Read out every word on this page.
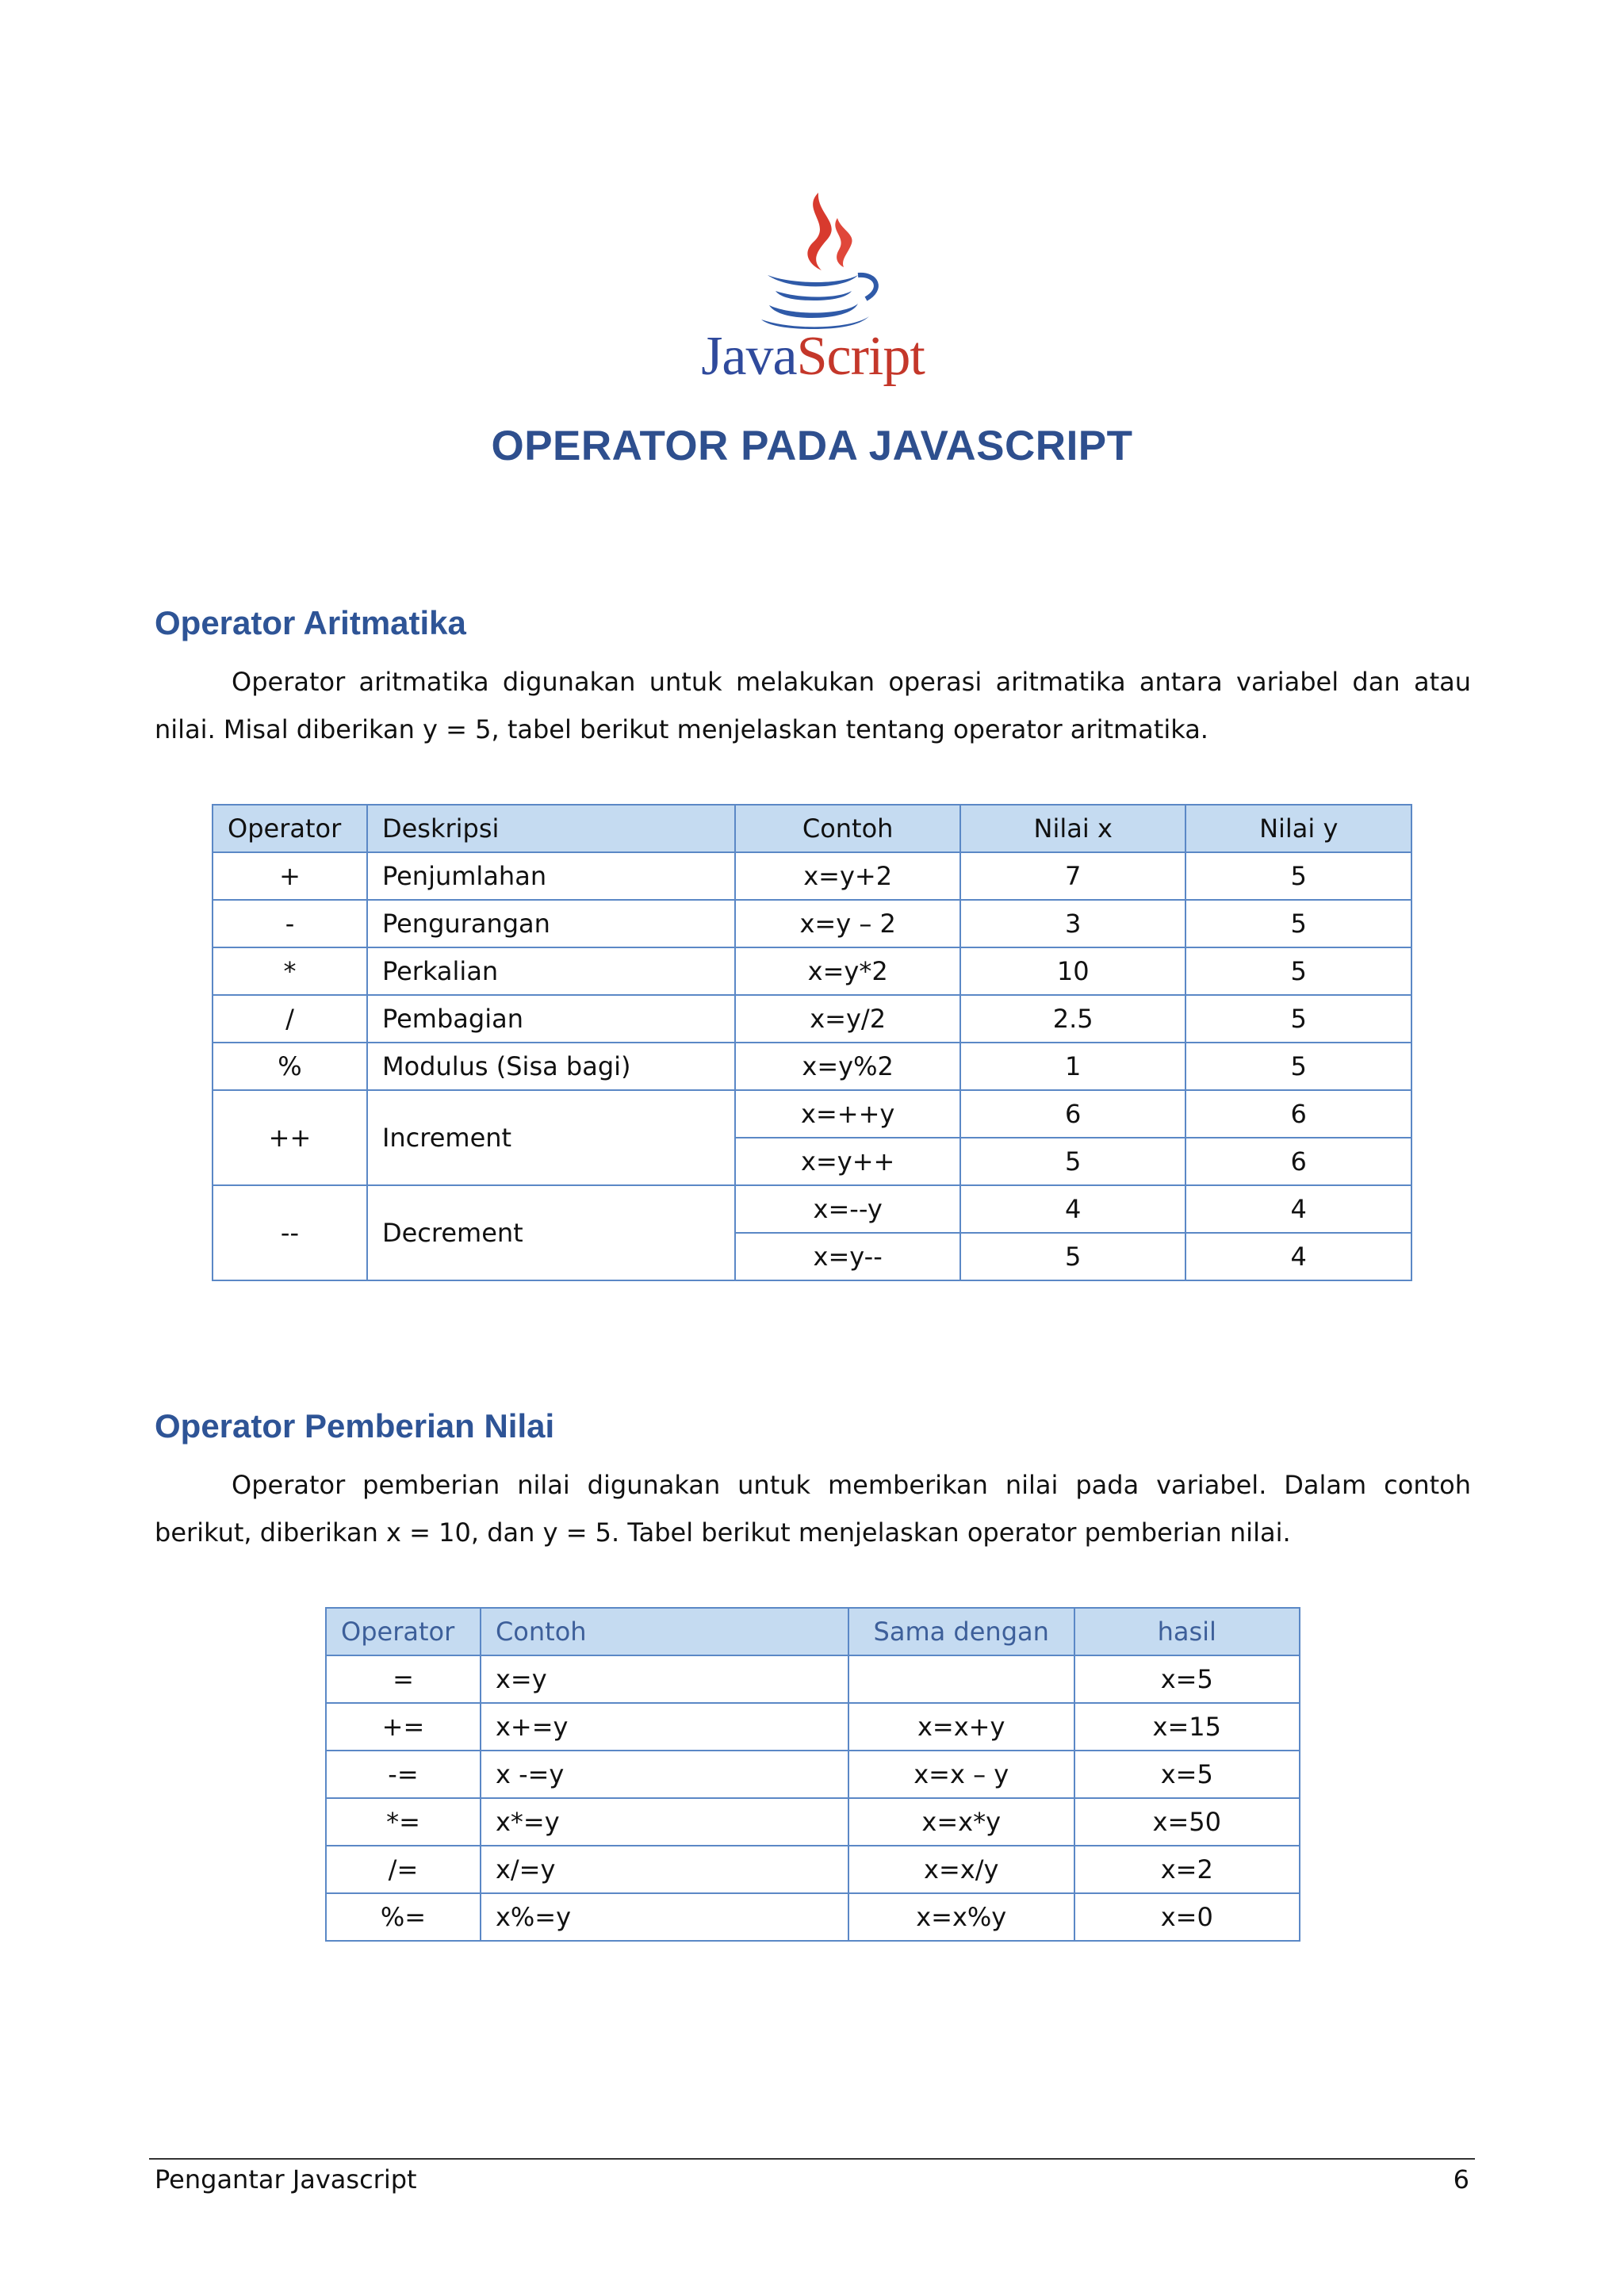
JavaScript
OPERATOR PADA JAVASCRIPT
Operator Aritmatika

Operator aritmatika digunakan untuk melakukan operasi aritmatika antara variabel dan atau nilai. Misal diberikan y = 5, tabel berikut menjelaskan tentang operator aritmatika.

Operator	Deskripsi	Contoh	Nilai x	Nilai y
+	Penjumlahan	x=y+2	7	5
-	Pengurangan	x=y – 2	3	5
*	Perkalian	x=y*2	10	5
/	Pembagian	x=y/2	2.5	5
%	Modulus (Sisa bagi)	x=y%2	1	5
++	Increment	x=++y	6	6
		x=y++	5	6
--	Decrement	x=--y	4	4
		x=y--	5	4
Operator Pemberian Nilai

Operator pemberian nilai digunakan untuk memberikan nilai pada variabel. Dalam contoh berikut, diberikan x = 10, dan y = 5. Tabel berikut menjelaskan operator pemberian nilai.

Operator	Contoh	Sama dengan	hasil
=	x=y		x=5
+=	x+=y	x=x+y	x=15
-=	x -=y	x=x – y	x=5
*=	x*=y	x=x*y	x=50
/=	x/=y	x=x/y	x=2
%=	x%=y	x=x%y	x=0
Pengantar Javascript	6
